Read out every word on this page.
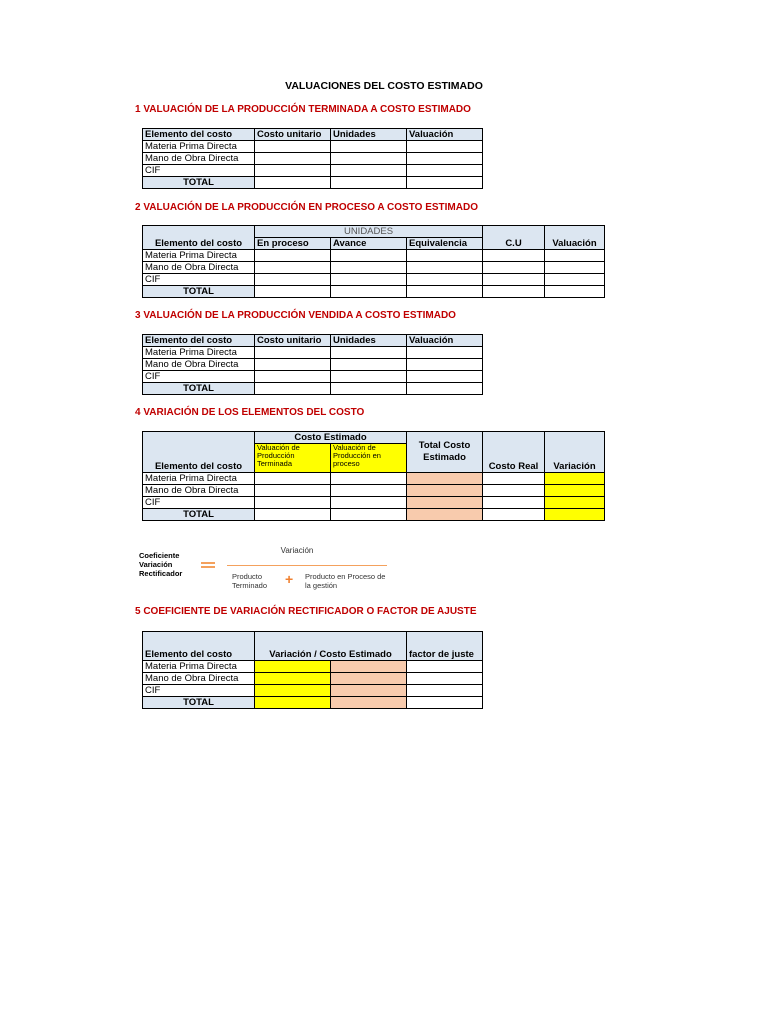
VALUACIONES DEL COSTO ESTIMADO
1 VALUACIÓN DE LA PRODUCCIÓN TERMINADA A COSTO ESTIMADO
Elemento del costo	Costo unitario	Unidades	Valuación
Materia Prima Directa			
Mano de Obra Directa			
CIF			
TOTAL			
2 VALUACIÓN DE LA PRODUCCIÓN EN PROCESO A COSTO ESTIMADO
Elemento del costo	UNIDADES			C.U	Valuación
	En proceso	Avance	Equivalencia		
Materia Prima Directa					
Mano de Obra Directa					
CIF					
TOTAL					
3 VALUACIÓN DE LA PRODUCCIÓN VENDIDA A COSTO ESTIMADO
Elemento del costo	Costo unitario	Unidades	Valuación
Materia Prima Directa			
Mano de Obra Directa			
CIF			
TOTAL			
4 VARIACIÓN DE LOS ELEMENTOS DEL COSTO
Elemento del costo	Costo Estimado		Total Costo Estimado	Costo Real	Variación	
	Valuación de Producción Terminada	Valuación de Producción en proceso				
Materia Prima Directa						
Mano de Obra Directa						
CIF						
TOTAL						
Coeficiente Variación Rectificador
Variación
Producto Terminado	+ Producto en Proceso de la gestión
5 COEFICIENTE DE VARIACIÓN RECTIFICADOR O FACTOR DE AJUSTE
Elemento del costo	Variación / Costo Estimado		factor de juste
Materia Prima Directa			
Mano de Obra Directa			
CIF			
TOTAL			
